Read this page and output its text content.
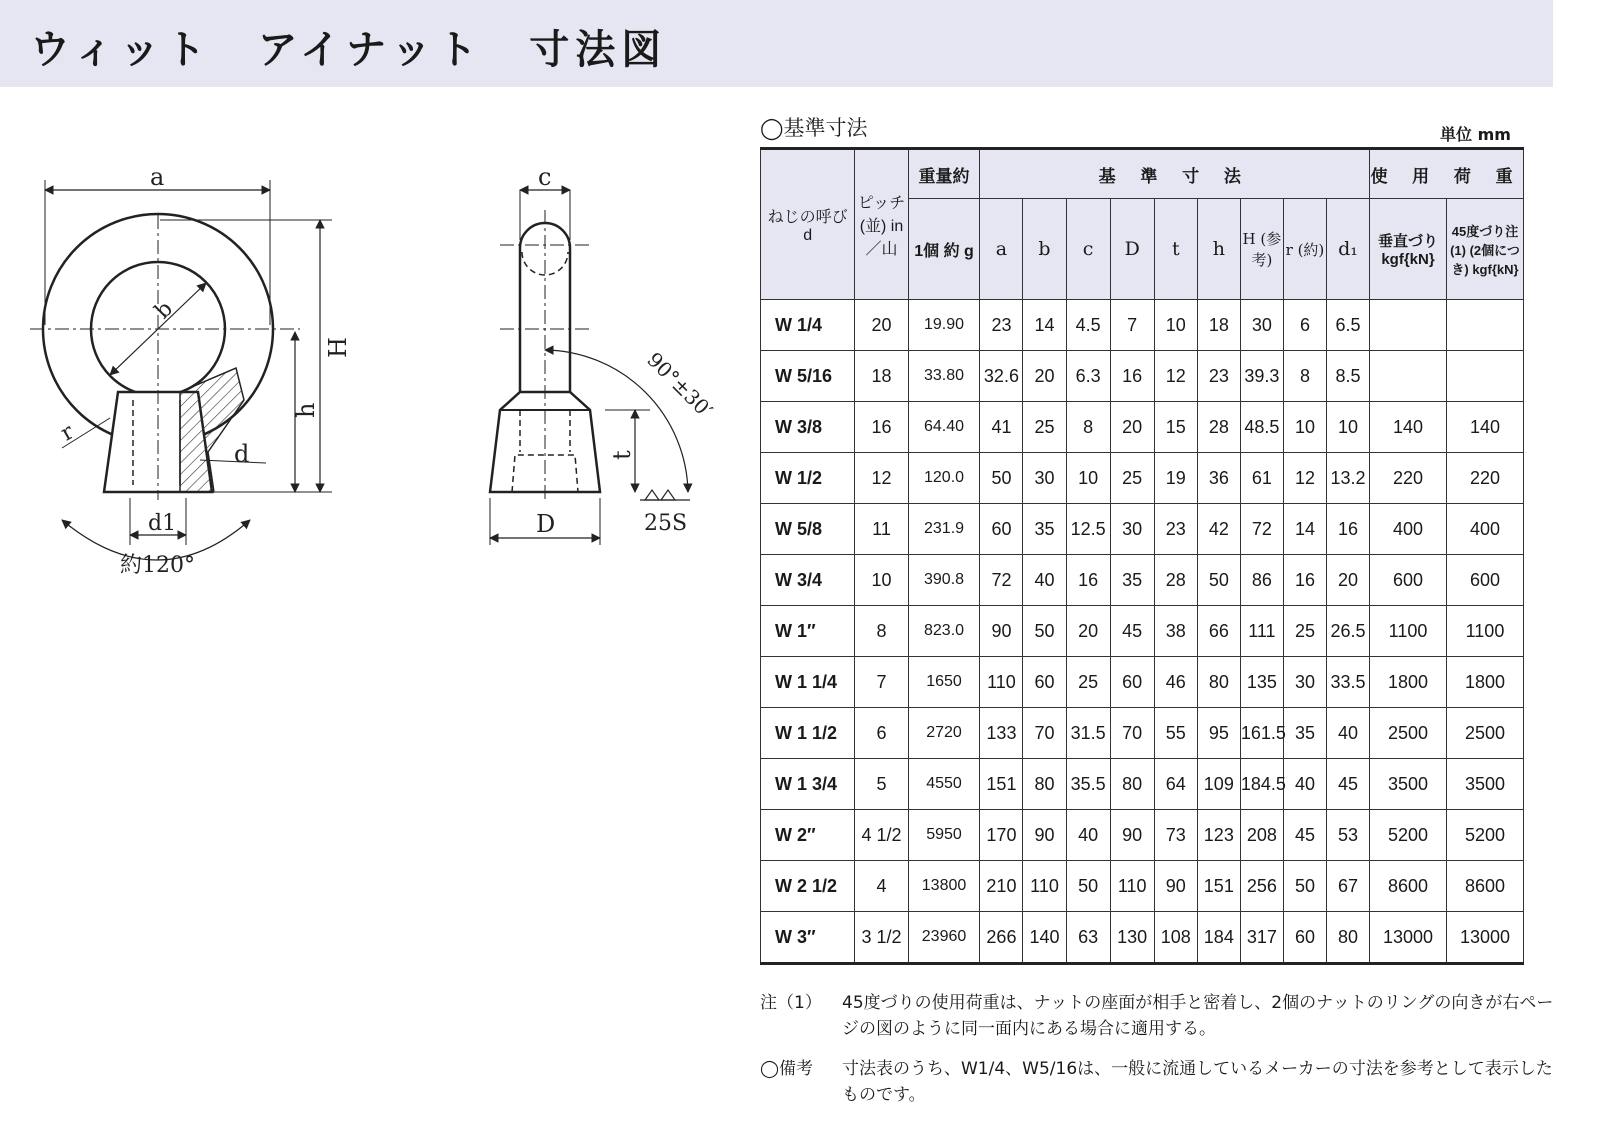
ウィット　アイナット　寸法図
a
b
H
h
d
r
d1
約120°
c
D
t
90°±30′
25S
◯基準寸法	単位 mm
ねじの呼び d	ピッチ (並) in／山	重量約	基 準 寸 法									使 用 荷 重	
		1個 約 g	a	b	c	D	t	h	H (参考)	r (約)	d₁	垂直づり kgf{kN}	45度づり注(1) (2個につき) kgf{kN}
W 1/4	20	19.90	23	14	4.5	7	10	18	30	6	6.5		
W 5/16	18	33.80	32.6	20	6.3	16	12	23	39.3	8	8.5		
W 3/8	16	64.40	41	25	8	20	15	28	48.5	10	10	140	140
W 1/2	12	120.0	50	30	10	25	19	36	61	12	13.2	220	220
W 5/8	11	231.9	60	35	12.5	30	23	42	72	14	16	400	400
W 3/4	10	390.8	72	40	16	35	28	50	86	16	20	600	600
W 1″	8	823.0	90	50	20	45	38	66	111	25	26.5	1100	1100
W 1 1/4	7	1650	110	60	25	60	46	80	135	30	33.5	1800	1800
W 1 1/2	6	2720	133	70	31.5	70	55	95	161.5	35	40	2500	2500
W 1 3/4	5	4550	151	80	35.5	80	64	109	184.5	40	45	3500	3500
W 2″	4 1/2	5950	170	90	40	90	73	123	208	45	53	5200	5200
W 2 1/2	4	13800	210	110	50	110	90	151	256	50	67	8600	8600
W 3″	3 1/2	23960	266	140	63	130	108	184	317	60	80	13000	13000
注（1）	45度づりの使用荷重は、ナットの座面が相手と密着し、2個のナットのリングの向きが右ページの図のように同一面内にある場合に適用する。
◯備考	寸法表のうち、W1/4、W5/16は、一般に流通しているメーカーの寸法を参考として表示したものです。
